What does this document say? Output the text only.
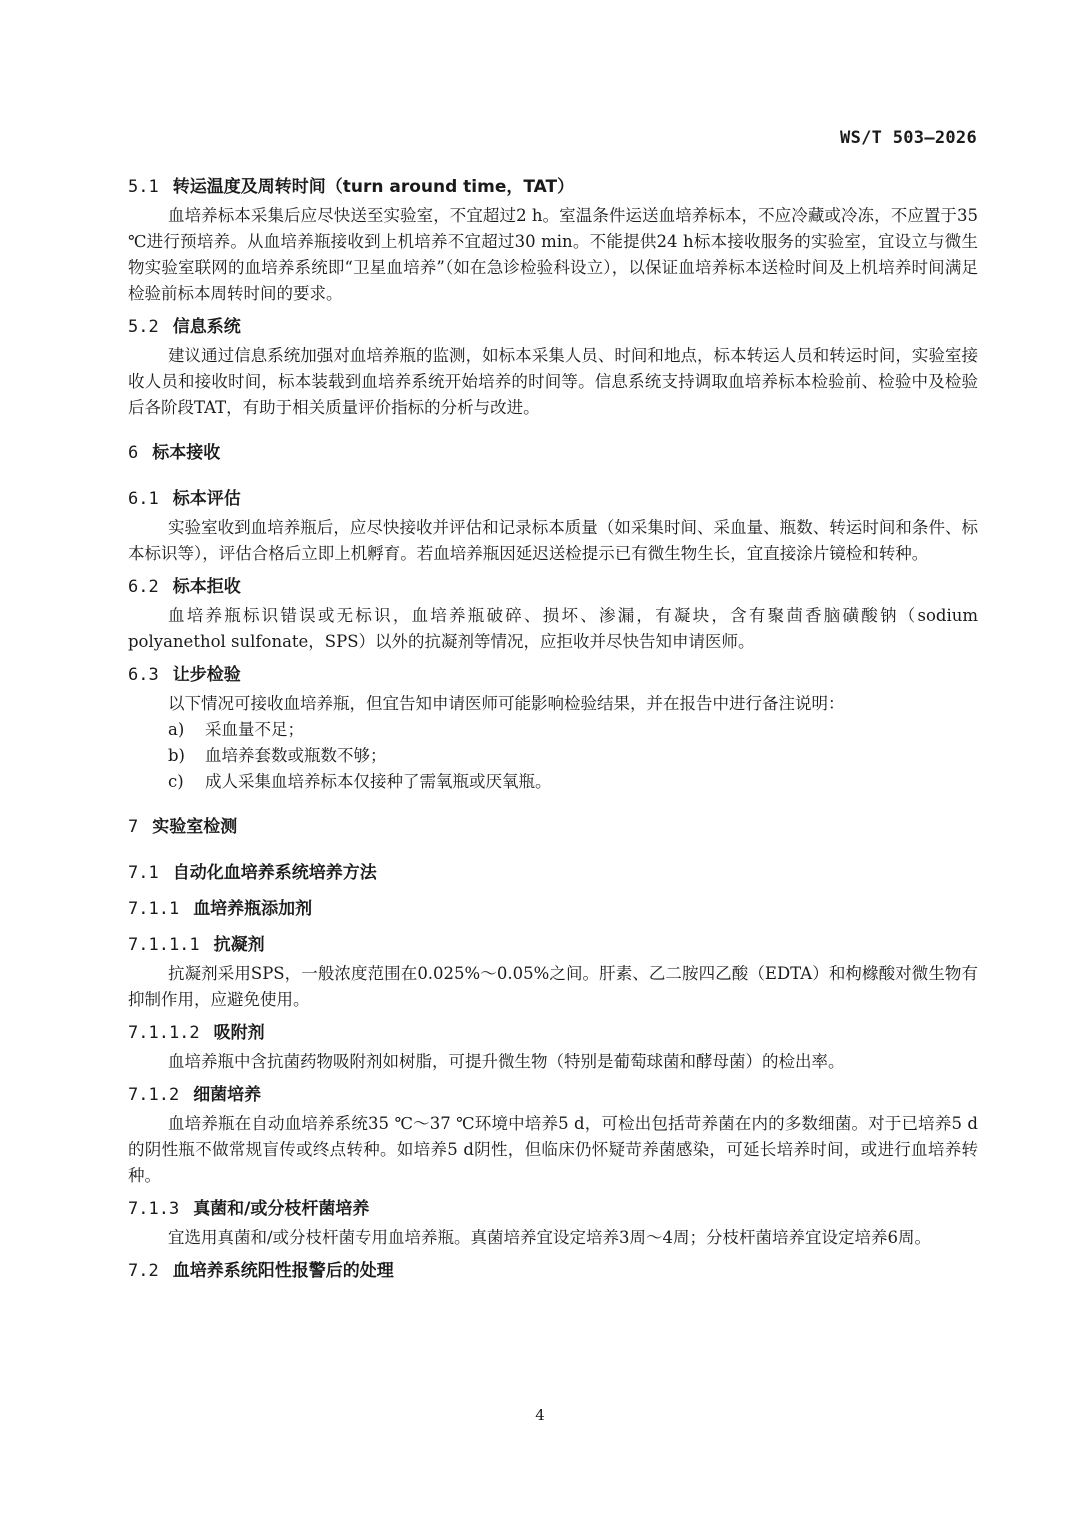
WS/T 503—2026
5.1 转运温度及周转时间（turn around time，TAT）

血培养标本采集后应尽快送至实验室，不宜超过2 h。室温条件运送血培养标本，不应冷藏或冷冻，不应置于35 ℃进行预培养。从血培养瓶接收到上机培养不宜超过30 min。不能提供24 h标本接收服务的实验室，宜设立与微生物实验室联网的血培养系统即“卫星血培养”（如在急诊检验科设立），以保证血培养标本送检时间及上机培养时间满足检验前标本周转时间的要求。

5.2 信息系统

建议通过信息系统加强对血培养瓶的监测，如标本采集人员、时间和地点，标本转运人员和转运时间，实验室接收人员和接收时间，标本装载到血培养系统开始培养的时间等。信息系统支持调取血培养标本检验前、检验中及检验后各阶段TAT，有助于相关质量评价指标的分析与改进。

6 标本接收
6.1 标本评估

实验室收到血培养瓶后，应尽快接收并评估和记录标本质量（如采集时间、采血量、瓶数、转运时间和条件、标本标识等），评估合格后立即上机孵育。若血培养瓶因延迟送检提示已有微生物生长，宜直接涂片镜检和转种。

6.2 标本拒收

血培养瓶标识错误或无标识，血培养瓶破碎、损坏、渗漏，有凝块，含有聚茴香脑磺酸钠（sodium polyanethol sulfonate，SPS）以外的抗凝剂等情况，应拒收并尽快告知申请医师。

6.3 让步检验

以下情况可接收血培养瓶，但宜告知申请医师可能影响检验结果，并在报告中进行备注说明：

a) 采血量不足；
b) 血培养套数或瓶数不够；
c) 成人采集血培养标本仅接种了需氧瓶或厌氧瓶。
7 实验室检测
7.1 自动化血培养系统培养方法
7.1.1 血培养瓶添加剂
7.1.1.1 抗凝剂

抗凝剂采用SPS，一般浓度范围在0.025%～0.05%之间。肝素、乙二胺四乙酸（EDTA）和枸橼酸对微生物有抑制作用，应避免使用。

7.1.1.2 吸附剂

血培养瓶中含抗菌药物吸附剂如树脂，可提升微生物（特别是葡萄球菌和酵母菌）的检出率。

7.1.2 细菌培养

血培养瓶在自动血培养系统35 ℃～37 ℃环境中培养5 d，可检出包括苛养菌在内的多数细菌。对于已培养5 d的阴性瓶不做常规盲传或终点转种。如培养5 d阴性，但临床仍怀疑苛养菌感染，可延长培养时间，或进行血培养转种。

7.1.3 真菌和/或分枝杆菌培养

宜选用真菌和/或分枝杆菌专用血培养瓶。真菌培养宜设定培养3周～4周；分枝杆菌培养宜设定培养6周。

7.2 血培养系统阳性报警后的处理
4
